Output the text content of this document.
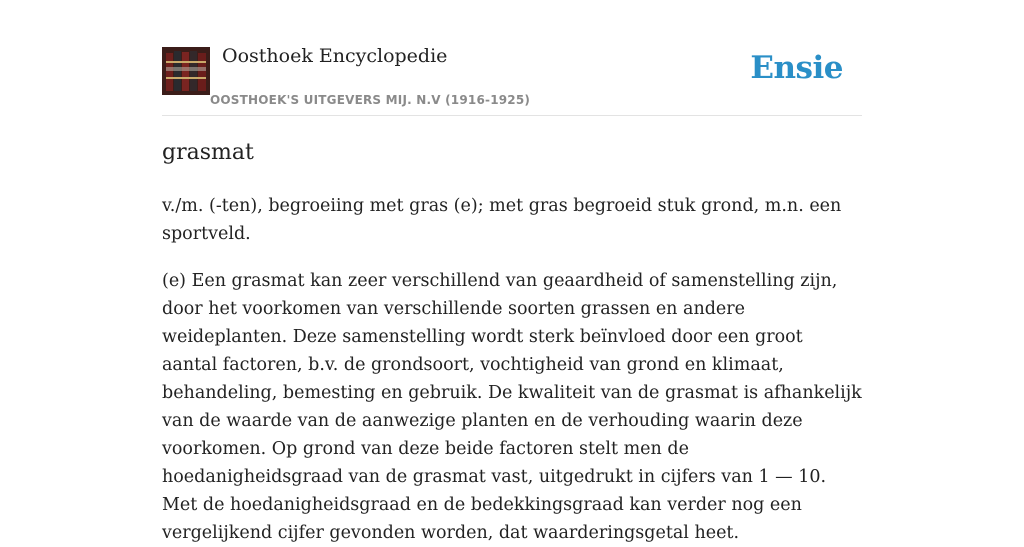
Oosthoek Encyclopedie
OOSTHOEK'S UITGEVERS MIJ. N.V (1916-1925)
Ensie
grasmat

v./m. (-ten), begroeiing met gras (e); met gras begroeid stuk grond, m.n. een sportveld.

(e) Een grasmat kan zeer verschillend van geaardheid of samenstelling zijn, door het voorkomen van verschillende soorten grassen en andere weideplanten. Deze samenstelling wordt sterk beïnvloed door een groot aantal factoren, b.v. de grondsoort, vochtigheid van grond en klimaat, behandeling, bemesting en gebruik. De kwaliteit van de grasmat is afhankelijk van de waarde van de aanwezige planten en de verhouding waarin deze voorkomen. Op grond van deze beide factoren stelt men de hoedanigheidsgraad van de grasmat vast, uitgedrukt in cijfers van 1 — 10. Met de hoedanigheidsgraad en de bedekkingsgraad kan verder nog een vergelijkend cijfer gevonden worden, dat waarderingsgetal heet.
